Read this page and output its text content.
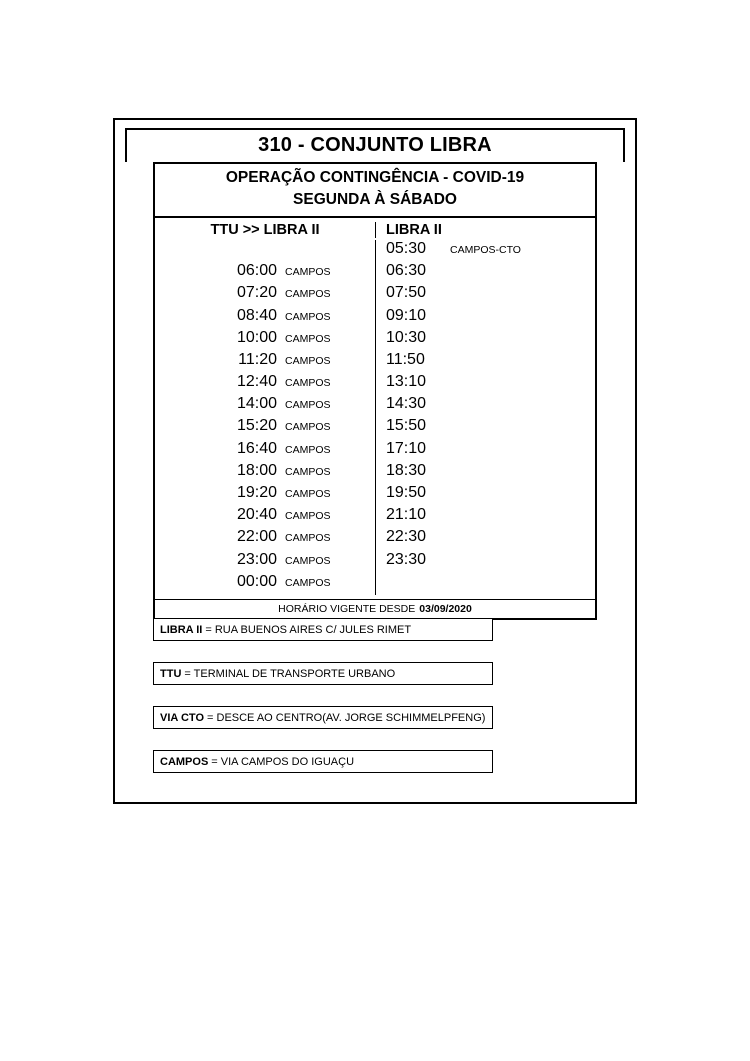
310 - CONJUNTO LIBRA
OPERAÇÃO CONTINGÊNCIA - COVID-19
SEGUNDA À SÁBADO
TTU >> LIBRA II	LIBRA II
06:00 CAMPOS
07:20 CAMPOS
08:40 CAMPOS
10:00 CAMPOS
11:20 CAMPOS
12:40 CAMPOS
14:00 CAMPOS
15:20 CAMPOS
16:40 CAMPOS
18:00 CAMPOS
19:20 CAMPOS
20:40 CAMPOS
22:00 CAMPOS
23:00 CAMPOS
00:00 CAMPOS
05:30	CAMPOS-CTO
06:30
07:50
09:10
10:30
11:50
13:10
14:30
15:50
17:10
18:30
19:50
21:10
22:30
23:30
HORÁRIO VIGENTE DESDE 03/09/2020
LIBRA II = RUA BUENOS AIRES C/ JULES RIMET
TTU = TERMINAL DE TRANSPORTE URBANO
VIA CTO = DESCE AO CENTRO(AV. JORGE SCHIMMELPFENG)
CAMPOS = VIA CAMPOS DO IGUAÇU
